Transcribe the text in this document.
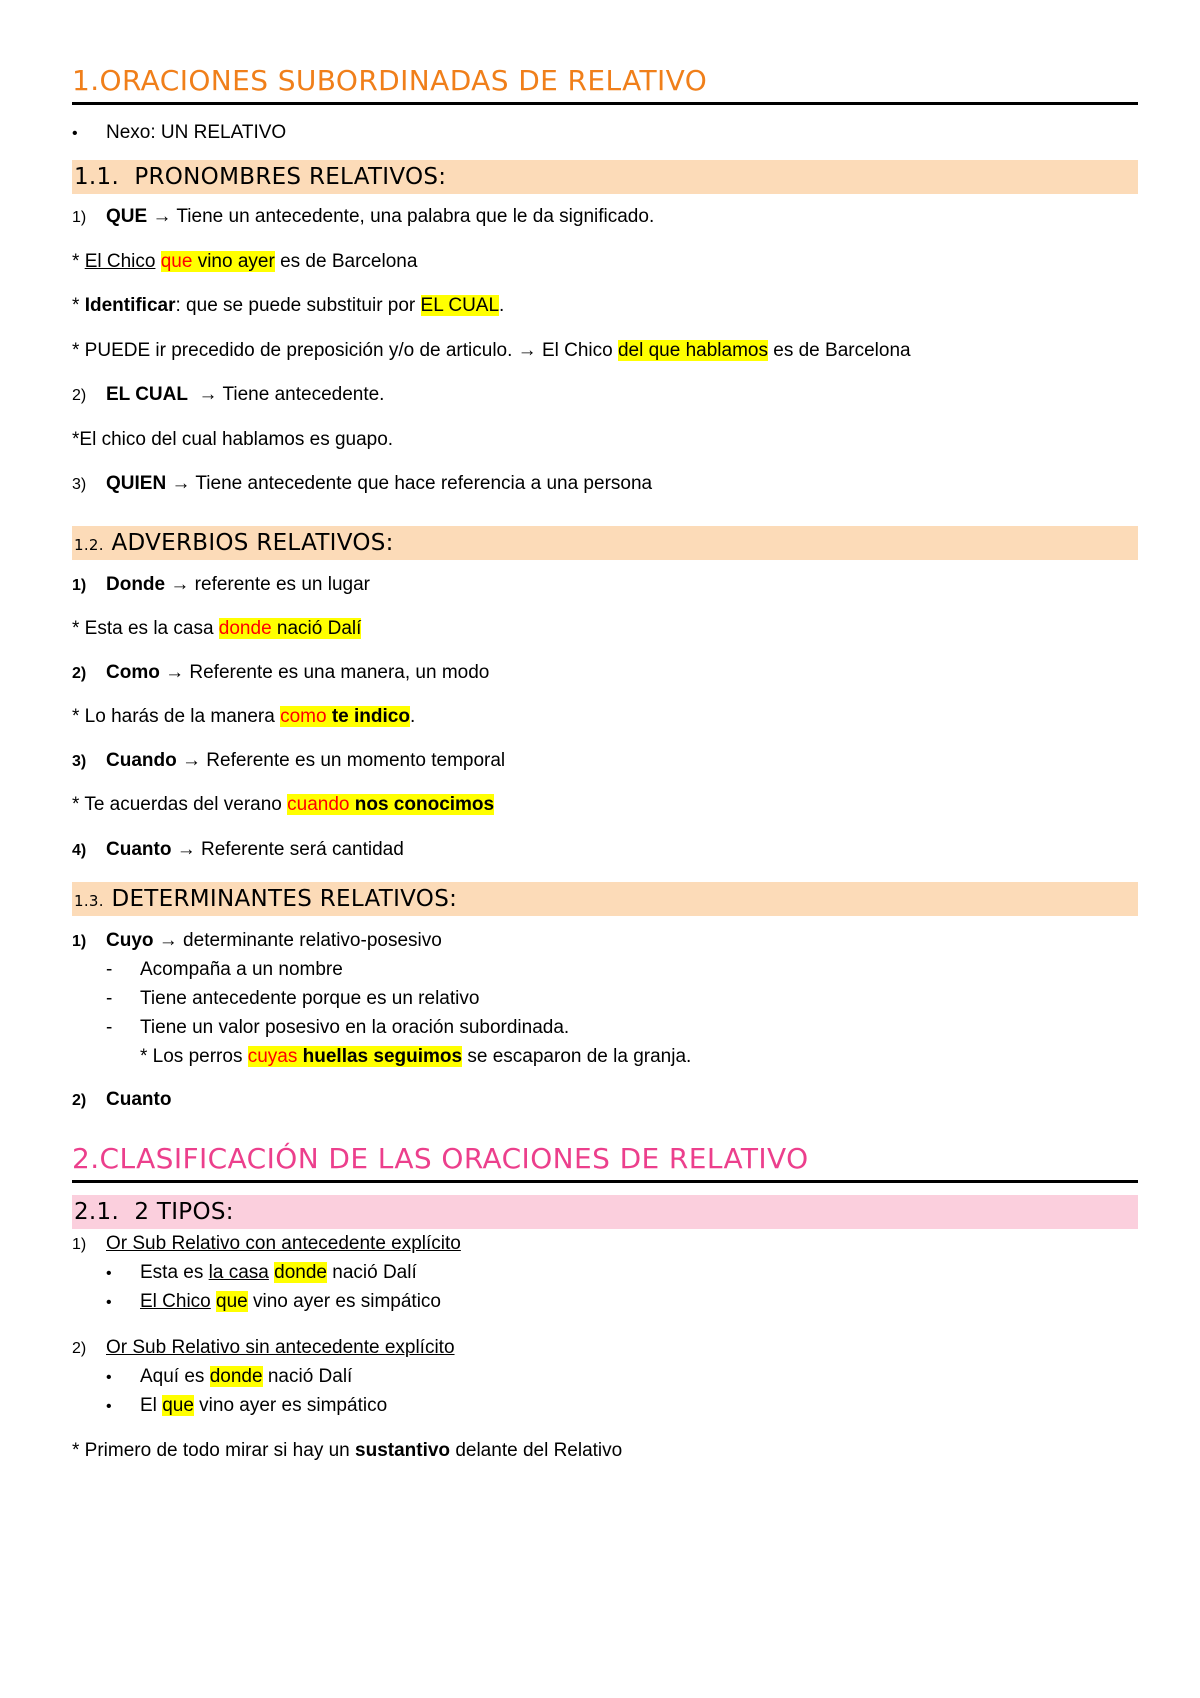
1.ORACIONES SUBORDINADAS DE RELATIVO
• Nexo: UN RELATIVO
1.1. PRONOMBRES RELATIVOS:
1) QUE → Tiene un antecedente, una palabra que le da significado.
* El Chico que vino ayer es de Barcelona
* Identificar: que se puede substituir por EL CUAL.
* PUEDE ir precedido de preposición y/o de articulo. → El Chico del que hablamos es de Barcelona
2) EL CUAL → Tiene antecedente.
*El chico del cual hablamos es guapo.
3) QUIEN → Tiene antecedente que hace referencia a una persona
1.2. ADVERBIOS RELATIVOS:
1) Donde → referente es un lugar
* Esta es la casa donde nació Dalí
2) Como → Referente es una manera, un modo
* Lo harás de la manera como te indico.
3) Cuando → Referente es un momento temporal
* Te acuerdas del verano cuando nos conocimos
4) Cuanto → Referente será cantidad
1.3. DETERMINANTES RELATIVOS:
1) Cuyo → determinante relativo-posesivo
- Acompaña a un nombre
- Tiene antecedente porque es un relativo
- Tiene un valor posesivo en la oración subordinada.
* Los perros cuyas huellas seguimos se escaparon de la granja.
2) Cuanto
2.CLASIFICACIÓN DE LAS ORACIONES DE RELATIVO
2.1. 2 TIPOS:
1) Or Sub Relativo con antecedente explícito
• Esta es la casa donde nació Dalí
• El Chico que vino ayer es simpático
2) Or Sub Relativo sin antecedente explícito
• Aquí es donde nació Dalí
• El que vino ayer es simpático
* Primero de todo mirar si hay un sustantivo delante del Relativo
